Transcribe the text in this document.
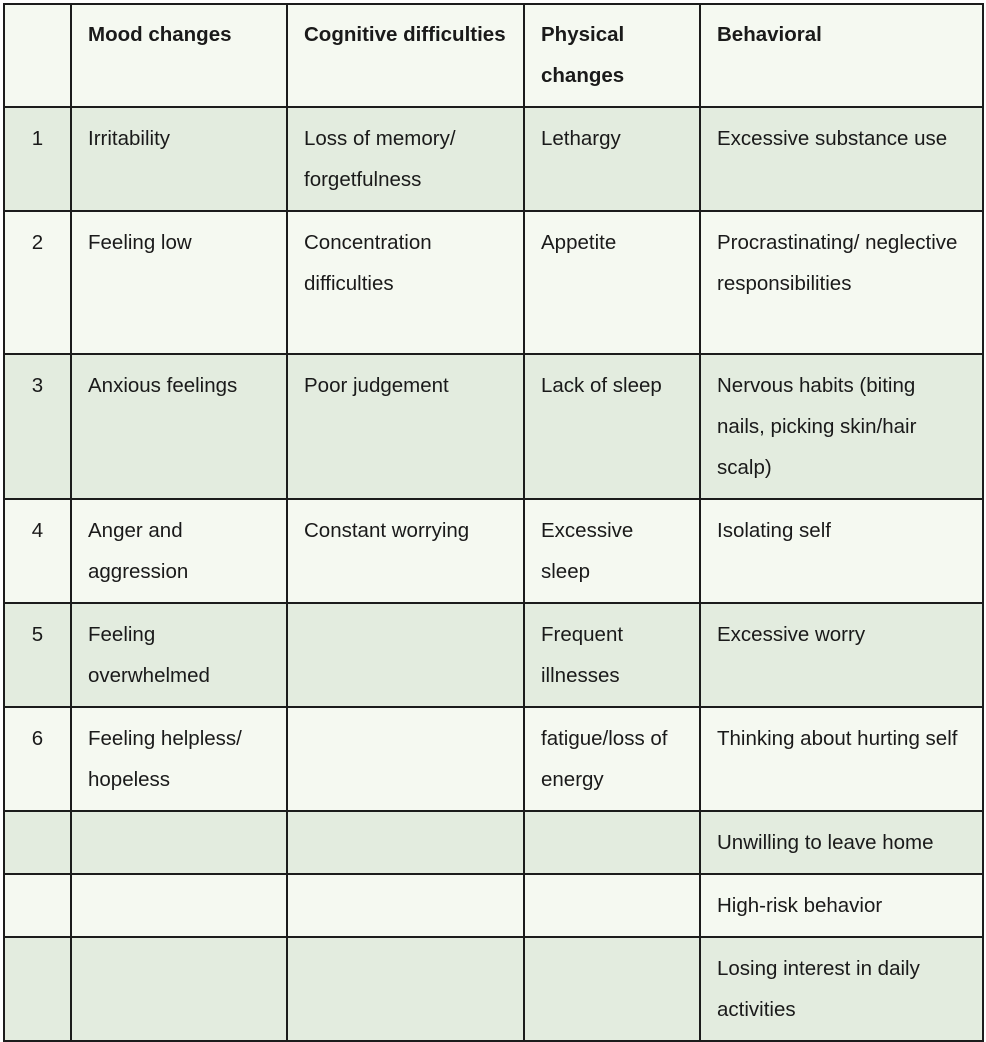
	Mood changes	Cognitive difficulties	Physical changes	Behavioral
1	Irritability	Loss of memory/ forgetfulness	Lethargy	Excessive substance use
2	Feeling low	Concentration difficulties	Appetite	Procrastinating/ neglective responsibilities
3	Anxious feelings	Poor judgement	Lack of sleep	Nervous habits (biting nails, picking skin/hair scalp)
4	Anger and aggression	Constant worrying	Excessive sleep	Isolating self
5	Feeling overwhelmed		Frequent illnesses	Excessive worry
6	Feeling helpless/ hopeless		fatigue/loss of energy	Thinking about hurting self
				Unwilling to leave home
				High-risk behavior
				Losing interest in daily activities
